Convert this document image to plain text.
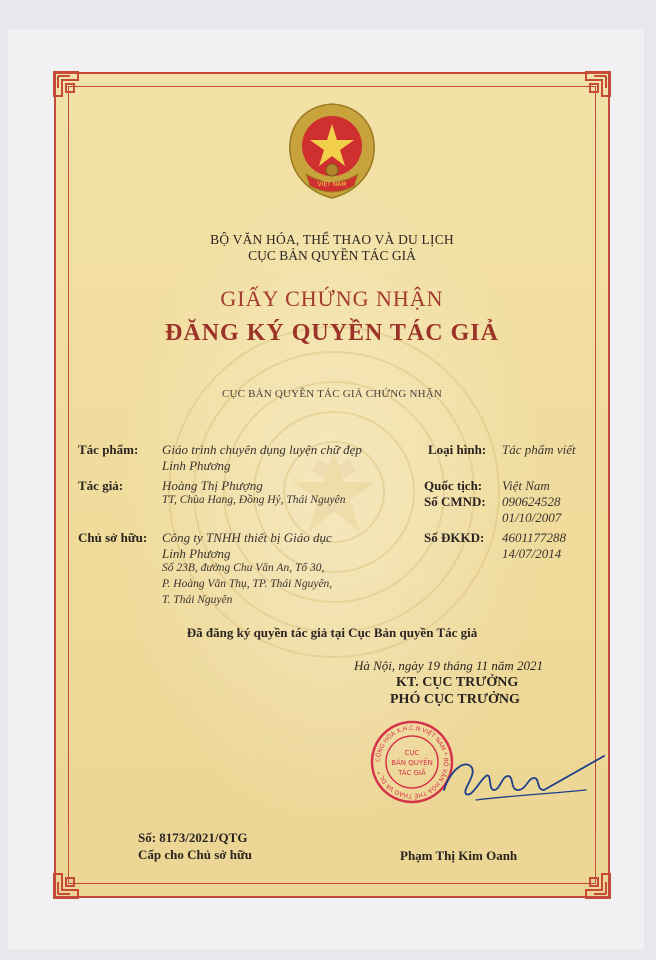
VIỆT NAM
BỘ VĂN HÓA, THỂ THAO VÀ DU LỊCH
CỤC BẢN QUYỀN TÁC GIẢ
GIẤY CHỨNG NHẬN
ĐĂNG KÝ QUYỀN TÁC GIẢ
CỤC BẢN QUYỀN TÁC GIẢ CHỨNG NHẬN
Tác phẩm: Giáo trình chuyên dụng luyện chữ đẹp
Linh Phương
Tác giả:	Hoàng Thị Phượng
TT, Chùa Hang, Đồng Hỷ, Thái Nguyên
Chủ sở hữu: Công ty TNHH thiết bị Giáo dục
Linh Phương
Số 23B, đường Chu Văn An, Tổ 30,
P. Hoàng Văn Thụ, TP. Thái Nguyên,
T. Thái Nguyên
Loại hình: Tác phẩm viết
Quốc tịch: Việt Nam
Số CMND: 090624528
01/10/2007
Số ĐKKD: 4601177288
14/07/2014
Đã đăng ký quyền tác giả tại Cục Bản quyền Tác giả
Hà Nội, ngày 19 tháng 11 năm 2021
KT. CỤC TRƯỞNG
PHÓ CỤC TRƯỞNG
CỘNG HÒA X.H.C.N VIỆT NAM * BỘ VĂN HÓA THỂ THAO VÀ DL *
CỤC
BẢN QUYỀN
TÁC GIẢ
Số: 8173/2021/QTG
Cấp cho Chủ sở hữu	Phạm Thị Kim Oanh
